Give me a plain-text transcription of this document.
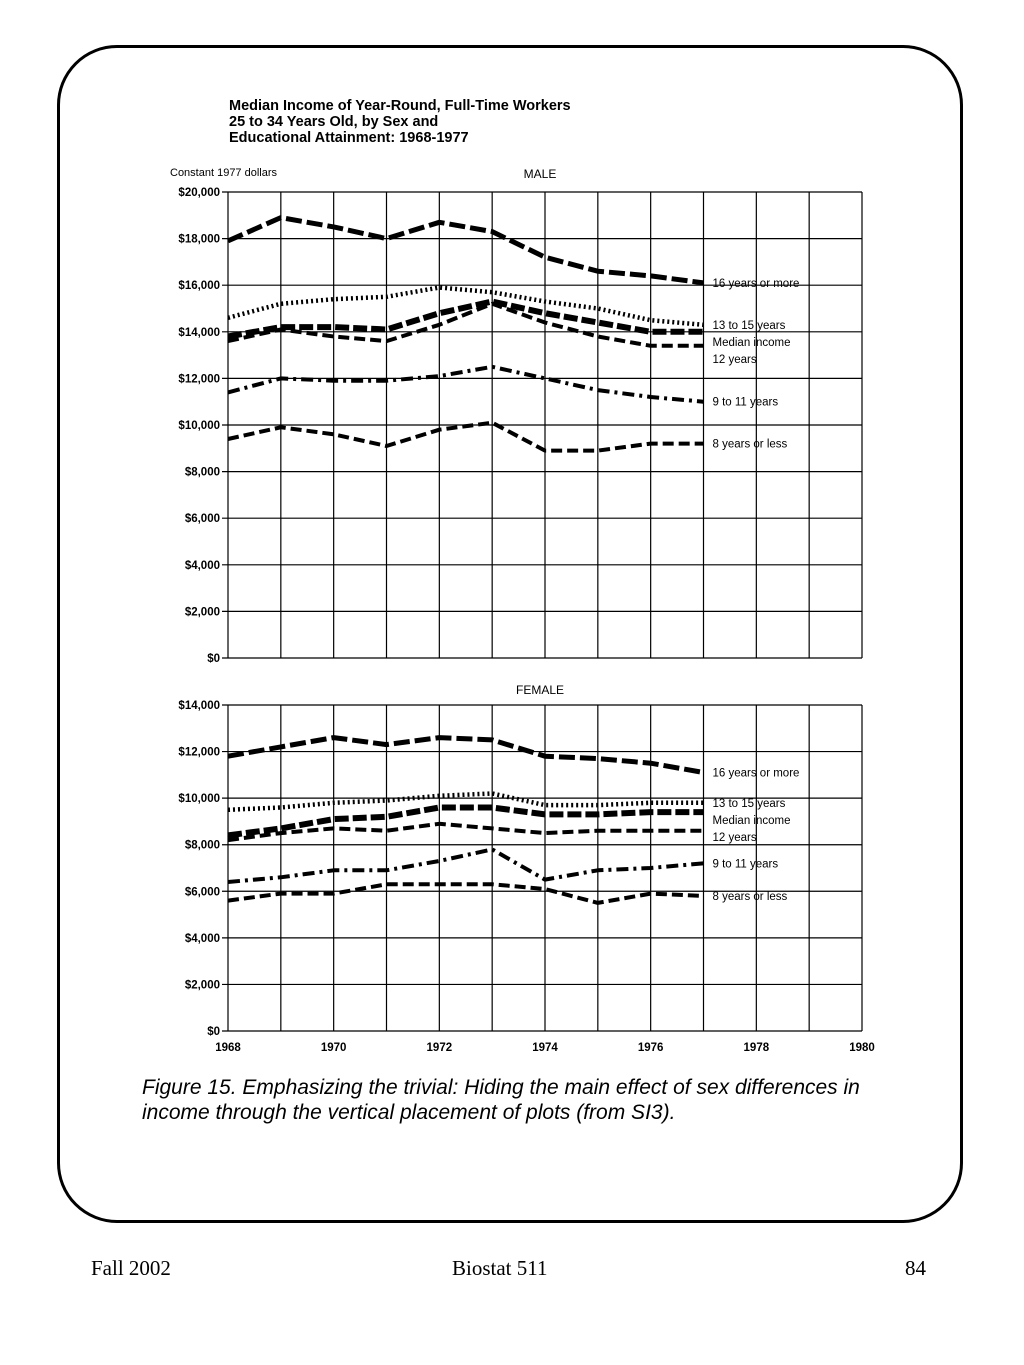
Median Income of Year-Round, Full-Time Workers
25 to 34 Years Old, by Sex and
Educational Attainment: 1968-1977
Constant 1977 dollars	MALE
$20,000
$18,000
$16,000
$14,000
$12,000
$10,000
$8,000
$6,000
$4,000
$2,000
$0
16 years or more
13 to 15 years
Median income
12 years
9 to 11 years
8 years or less
FEMALE
$14,000
$12,000
$10,000
$8,000
$6,000
$4,000
$2,000
$0
1968	1970	1972	1974	1976	1978	1980
16 years or more
13 to 15 years
Median income
12 years
9 to 11 years
8 years or less
Figure 15. Emphasizing the trivial: Hiding the main effect of sex differences in income through the vertical placement of plots (from SI3).
Fall 2002	Biostat 511	84
